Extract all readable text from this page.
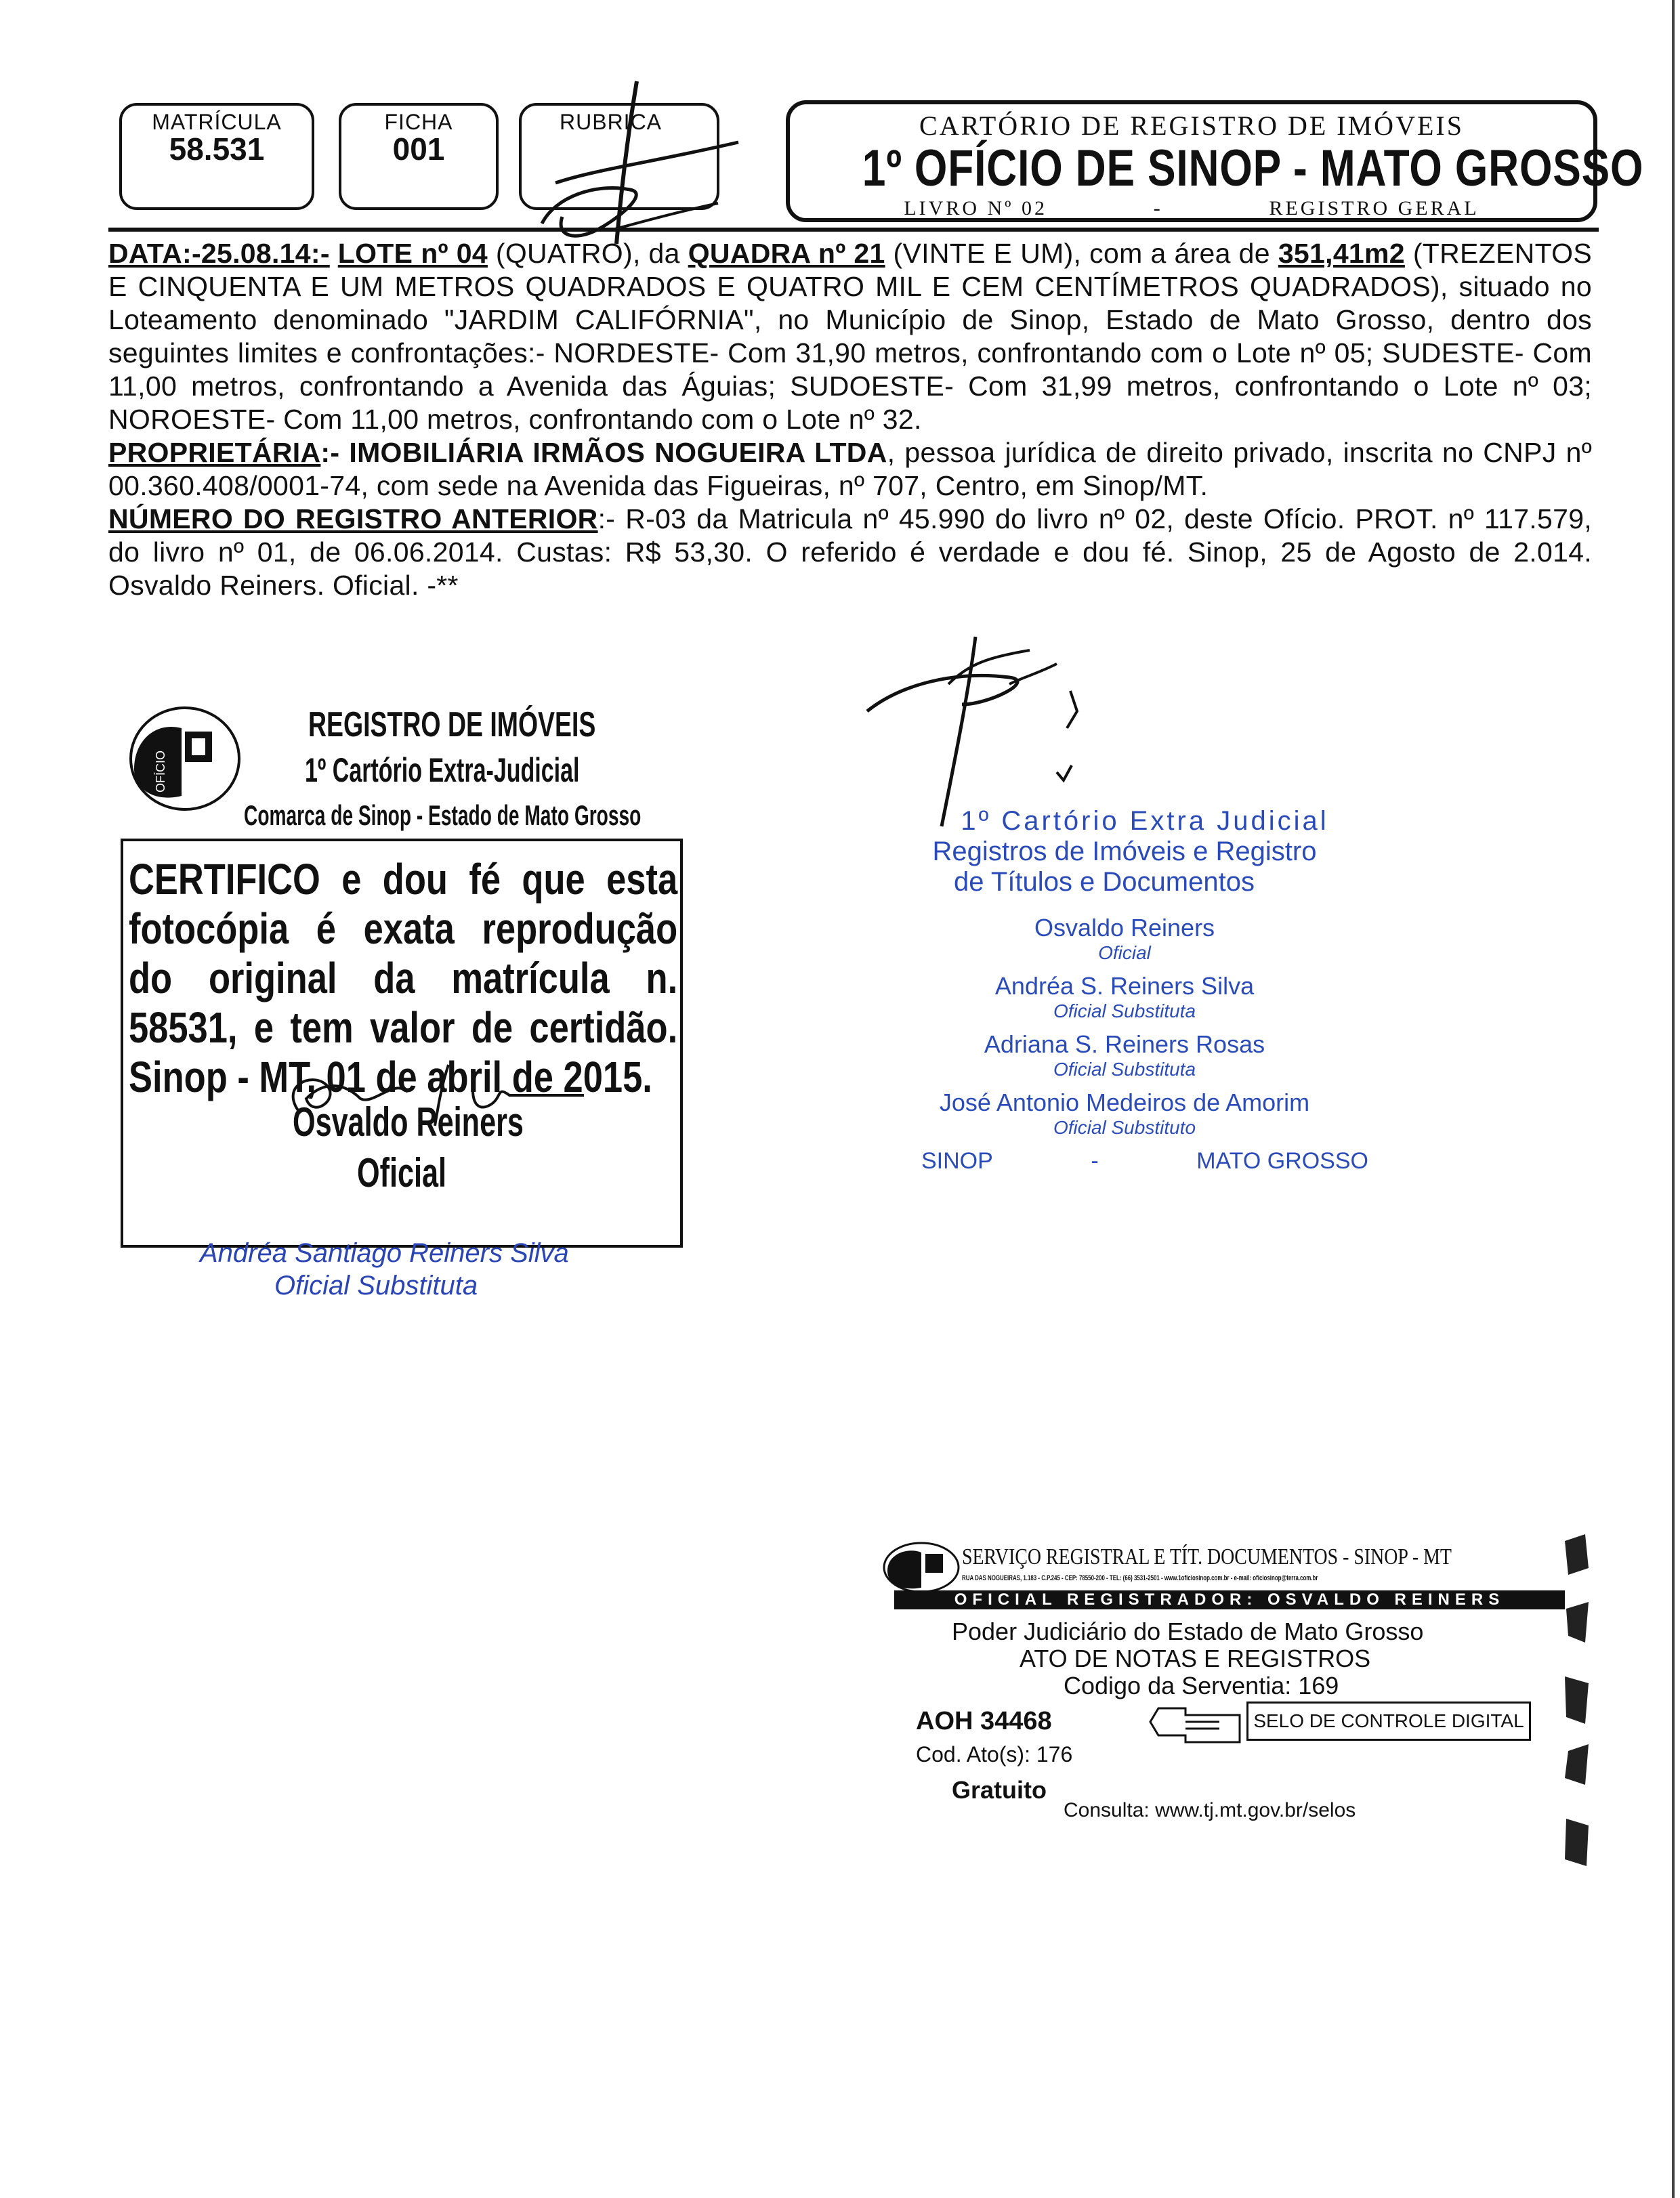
MATRÍCULA
58.531
FICHA
001
RUBRICA	CARTÓRIO DE REGISTRO DE IMÓVEIS
1º OFÍCIO DE SINOP - MATO GROSSO
LIVRO Nº 02	-	REGISTRO GERAL

DATA:-25.08.14:- LOTE nº 04 (QUATRO), da QUADRA nº 21 (VINTE E UM), com a área de 351,41m2 (TREZENTOS E CINQUENTA E UM METROS QUADRADOS E QUATRO MIL E CEM CENTÍMETROS QUADRADOS), situado no Loteamento denominado "JARDIM CALIFÓRNIA", no Município de Sinop, Estado de Mato Grosso, dentro dos seguintes limites e confrontações:- NORDESTE- Com 31,90 metros, confrontando com o Lote nº 05; SUDESTE- Com 11,00 metros, confrontando a Avenida das Águias; SUDOESTE- Com 31,99 metros, confrontando o Lote nº 03; NOROESTE- Com 11,00 metros, confrontando com o Lote nº 32.

PROPRIETÁRIA:- IMOBILIÁRIA IRMÃOS NOGUEIRA LTDA, pessoa jurídica de direito privado, inscrita no CNPJ nº 00.360.408/0001-74, com sede na Avenida das Figueiras, nº 707, Centro, em Sinop/MT.

NÚMERO DO REGISTRO ANTERIOR:- R-03 da Matricula nº 45.990 do livro nº 02, deste Ofício. PROT. nº 117.579, do livro nº 01, de 06.06.2014. Custas: R$ 53,30. O referido é verdade e dou fé. Sinop, 25 de Agosto de 2.014. Osvaldo Reiners. Oficial. -**

OFÍCIO
REGISTRO DE IMÓVEIS
1º Cartório Extra-Judicial
Comarca de Sinop - Estado de Mato Grosso
CERTIFICO e dou fé que esta fotocópia é exata reprodução do original da matrícula n. 58531, e tem valor de certidão. Sinop - MT, 01 de abril de 2015.
Osvaldo Reiners
Oficial
Andréa Santiago Reiners Silva
Oficial Substituta
1º Cartório Extra Judicial
Registros de Imóveis e Registro
de Títulos e Documentos
Osvaldo Reiners
Oficial
Andréa S. Reiners Silva
Oficial Substituta
Adriana S. Reiners Rosas
Oficial Substituta
José Antonio Medeiros de Amorim
Oficial Substituto
SINOP	-	MATO GROSSO
SERVIÇO REGISTRAL E TÍT. DOCUMENTOS - SINOP - MT
RUA DAS NOGUEIRAS, 1.183 - C.P.245 - CEP: 78550-200 - TEL: (66) 3531-2501 - www.1oficiosinop.com.br - e-mail: oficiosinop@terra.com.br
OFICIAL REGISTRADOR: OSVALDO REINERS
Poder Judiciário do Estado de Mato Grosso
ATO DE NOTAS E REGISTROS
Codigo da Serventia: 169
AOH 34468	SELO DE CONTROLE DIGITAL
Cod. Ato(s): 176
Gratuito
Consulta: www.tj.mt.gov.br/selos
